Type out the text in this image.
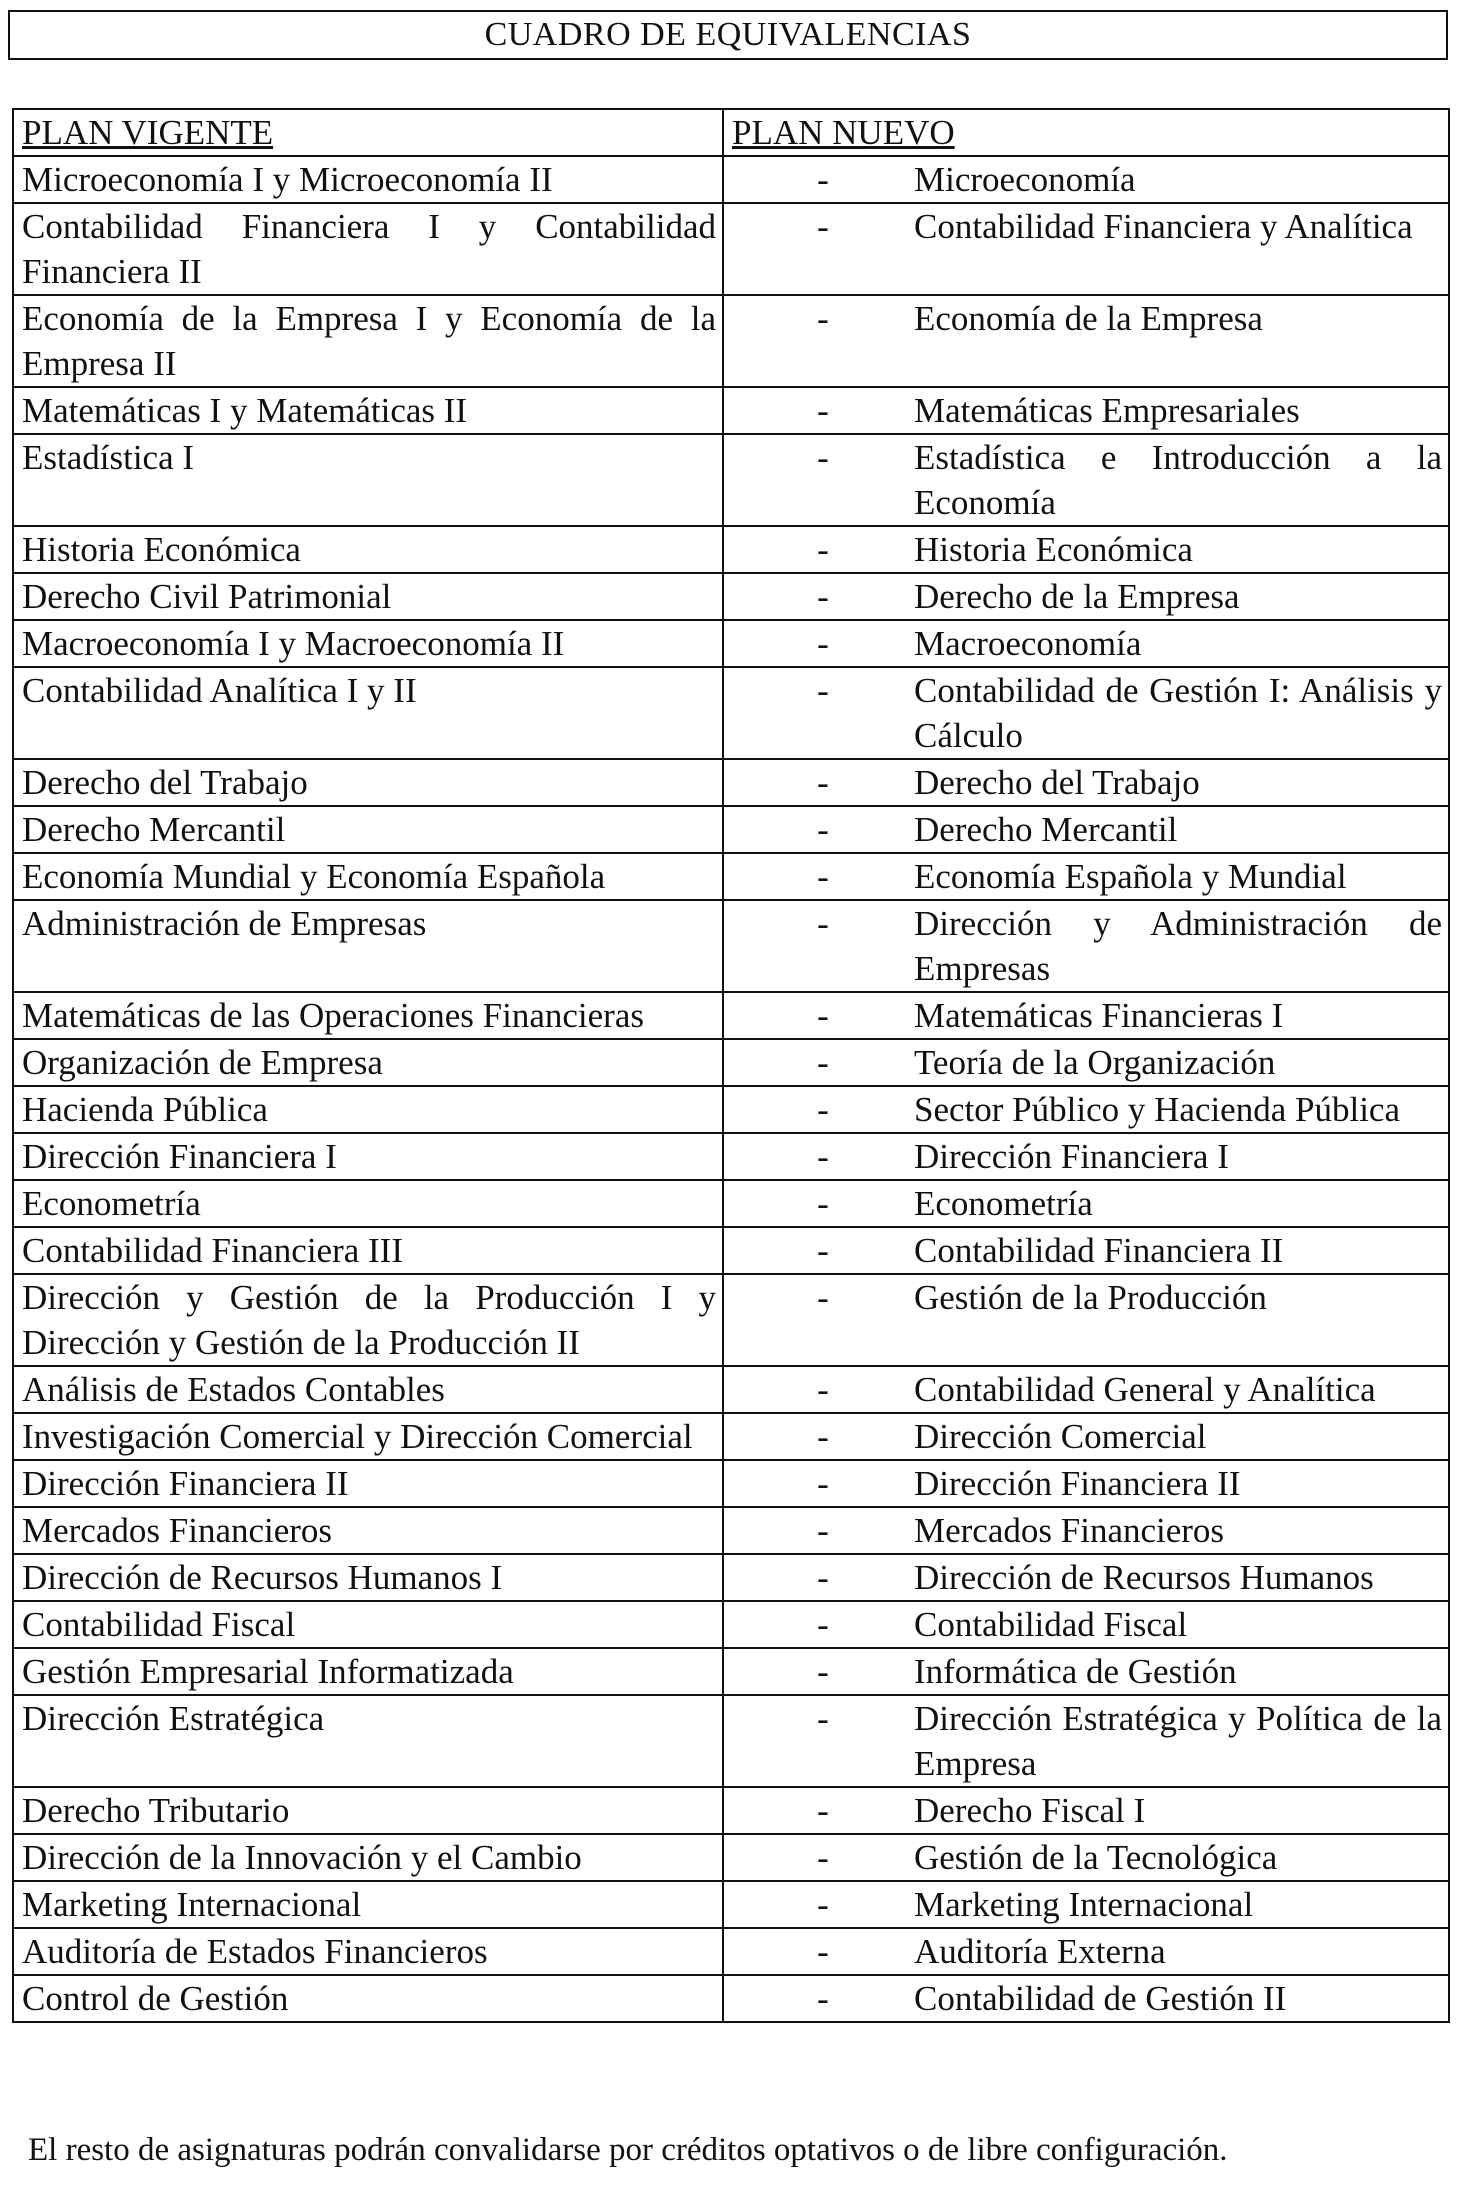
CUADRO DE EQUIVALENCIAS
PLAN VIGENTE	PLAN NUEVO

Microeconomía I y Microeconomía II	- Microeconomía

Contabilidad Financiera I y Contabilidad Financiera II	- Contabilidad Financiera y Analítica

Economía de la Empresa I y Economía de la Empresa II	- Economía de la Empresa

Matemáticas I y Matemáticas II	- Matemáticas Empresariales

Estadística I	- Estadística e Introducción a la Economía

Historia Económica	- Historia Económica

Derecho Civil Patrimonial	- Derecho de la Empresa

Macroeconomía I y Macroeconomía II	- Macroeconomía

Contabilidad Analítica I y II	- Contabilidad de Gestión I: Análisis y Cálculo

Derecho del Trabajo	- Derecho del Trabajo

Derecho Mercantil	- Derecho Mercantil

Economía Mundial y Economía Española	- Economía Española y Mundial

Administración de Empresas	- Dirección y Administración de Empresas

Matemáticas de las Operaciones Financieras	- Matemáticas Financieras I

Organización de Empresa	- Teoría de la Organización

Hacienda Pública	- Sector Público y Hacienda Pública

Dirección Financiera I	- Dirección Financiera I

Econometría	- Econometría

Contabilidad Financiera III	- Contabilidad Financiera II

Dirección y Gestión de la Producción I y Dirección y Gestión de la Producción II	- Gestión de la Producción

Análisis de Estados Contables	- Contabilidad General y Analítica

Investigación Comercial y Dirección Comercial	- Dirección Comercial

Dirección Financiera II	- Dirección Financiera II

Mercados Financieros	- Mercados Financieros

Dirección de Recursos Humanos I	- Dirección de Recursos Humanos

Contabilidad Fiscal	- Contabilidad Fiscal

Gestión Empresarial Informatizada	- Informática de Gestión

Dirección Estratégica	- Dirección Estratégica y Política de la Empresa

Derecho Tributario	- Derecho Fiscal I

Dirección de la Innovación y el Cambio	- Gestión de la Tecnológica

Marketing Internacional	- Marketing Internacional

Auditoría de Estados Financieros	- Auditoría Externa

Control de Gestión	- Contabilidad de Gestión II
El resto de asignaturas podrán convalidarse por créditos optativos o de libre configuración.
